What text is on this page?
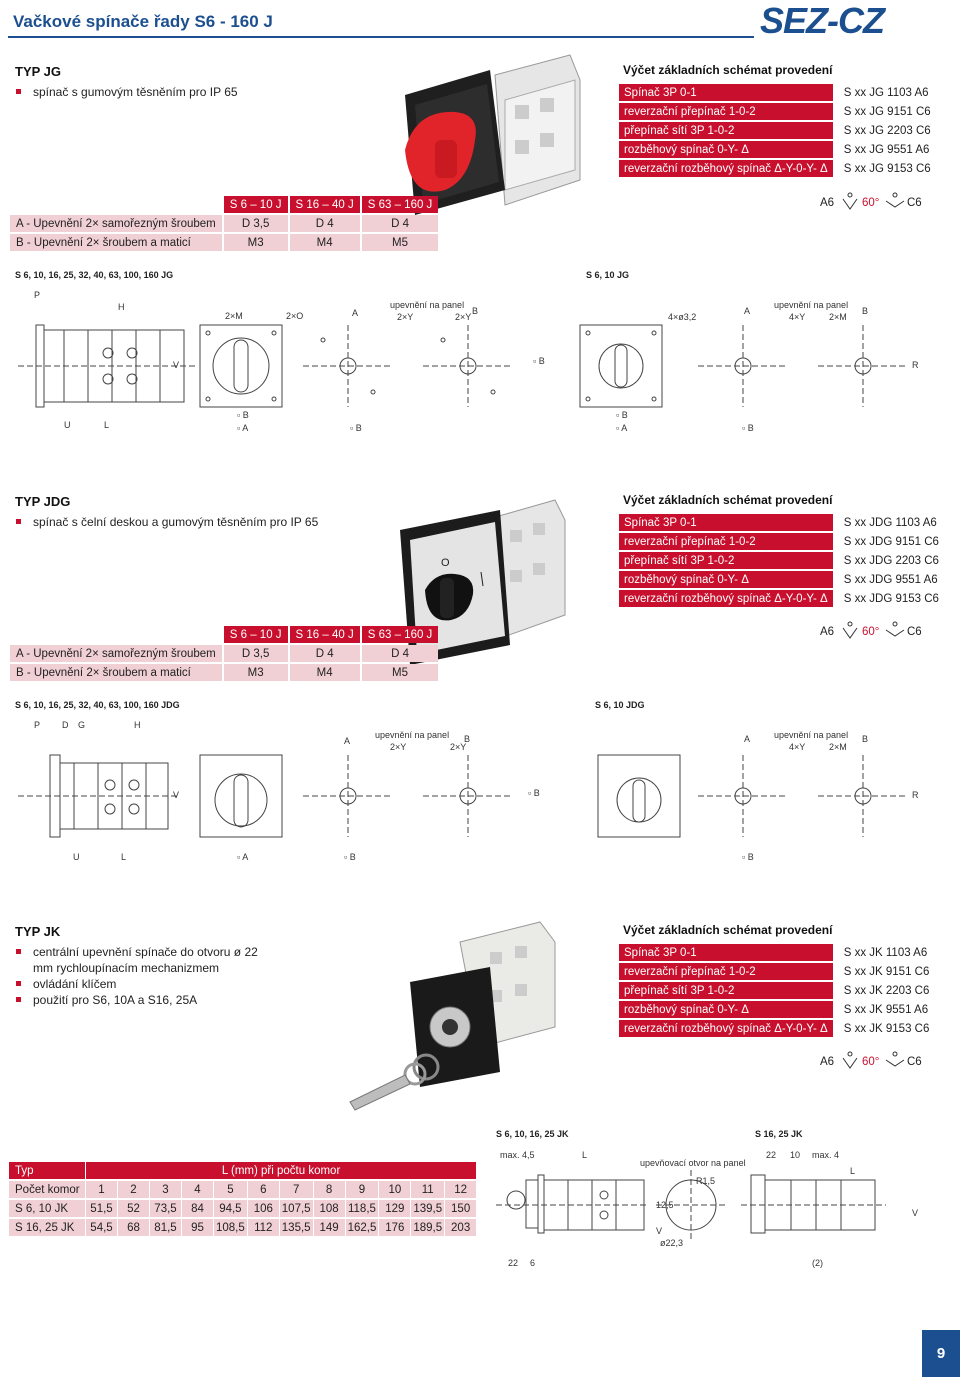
Vačkové spínače řady S6 - 160 J	SEZ-CZ
TYP JG
spínač s gumovým těsněním pro IP 65
Výčet základních schémat provedení
Spínač 3P 0-1	S xx JG 1103 A6
reverzační přepínač 1-0-2	S xx JG 9151 C6
přepínač sítí 3P 1-0-2	S xx JG 2203 C6
rozběhový spínač 0-Y- Δ	S xx JG 9551 A6
reverzační rozběhový spínač Δ-Y-0-Y- Δ	S xx JG 9153 C6
A6 60° C6
	S 6 – 10 J	S 16 – 40 J	S 63 – 160 J
A - Upevnění 2× samořezným šroubem	D 3,5	D 4	D 4
B - Upevnění 2× šroubem a maticí	M3	M4	M5
S 6, 10, 16, 25, 32, 40, 63, 100, 160 JG	S 6, 10 JG
P
H
U	L
V
2×M	2×O
▫ B
▫ A
A
upevnění na panel
2×Y	2×Y
B
▫ B
▫ B
4×ø3,2
▫ B
▫ A
A
upevnění na panel
4×Y	2×M
B
▫ B
R
TYP JDG
spínač s čelní deskou a gumovým těsněním pro IP 65
O
Výčet základních schémat provedení
Spínač 3P 0-1	S xx JDG 1103 A6
reverzační přepínač 1-0-2	S xx JDG 9151 C6
přepínač sítí 3P 1-0-2	S xx JDG 2203 C6
rozběhový spínač 0-Y- Δ	S xx JDG 9551 A6
reverzační rozběhový spínač Δ-Y-0-Y- Δ	S xx JDG 9153 C6
A6 60° C6
	S 6 – 10 J	S 16 – 40 J	S 63 – 160 J
A - Upevnění 2× samořezným šroubem	D 3,5	D 4	D 4
B - Upevnění 2× šroubem a maticí	M3	M4	M5
S 6, 10, 16, 25, 32, 40, 63, 100, 160 JDG	S 6, 10 JDG
P D G	H
U	L
V
▫ A
A
upevnění na panel
2×Y	2×Y
B
▫ B
▫ B
A	upevnění na panel
4×Y	2×M
B
▫ B
R
TYP JK
centrální upevnění spínače do otvoru ø 22 mm rychloupínacím mechanizmem
ovládání klíčem
použití pro S6, 10A a S16, 25A
Výčet základních schémat provedení
Spínač 3P 0-1	S xx JK 1103 A6
reverzační přepínač 1-0-2	S xx JK 9151 C6
přepínač sítí 3P 1-0-2	S xx JK 2203 C6
rozběhový spínač 0-Y- Δ	S xx JK 9551 A6
reverzační rozběhový spínač Δ-Y-0-Y- Δ	S xx JK 9153 C6
A6 60° C6
S 6, 10, 16, 25 JK	S 16, 25 JK
Typ	L (mm) při počtu komor											
Počet komor	1	2	3	4	5	6	7	8	9	10	11	12
S 6, 10 JK	51,5	52	73,5	84	94,5	106	107,5	108	118,5	129	139,5	150
S 16, 25 JK	54,5	68	81,5	95	108,5	112	135,5	149	162,5	176	189,5	203
max. 4,5	L
upevňovací otvor na panel
12,5
V
R1,5
ø22,3
22 10 max. 4
L
V
22 6	(2)
9
